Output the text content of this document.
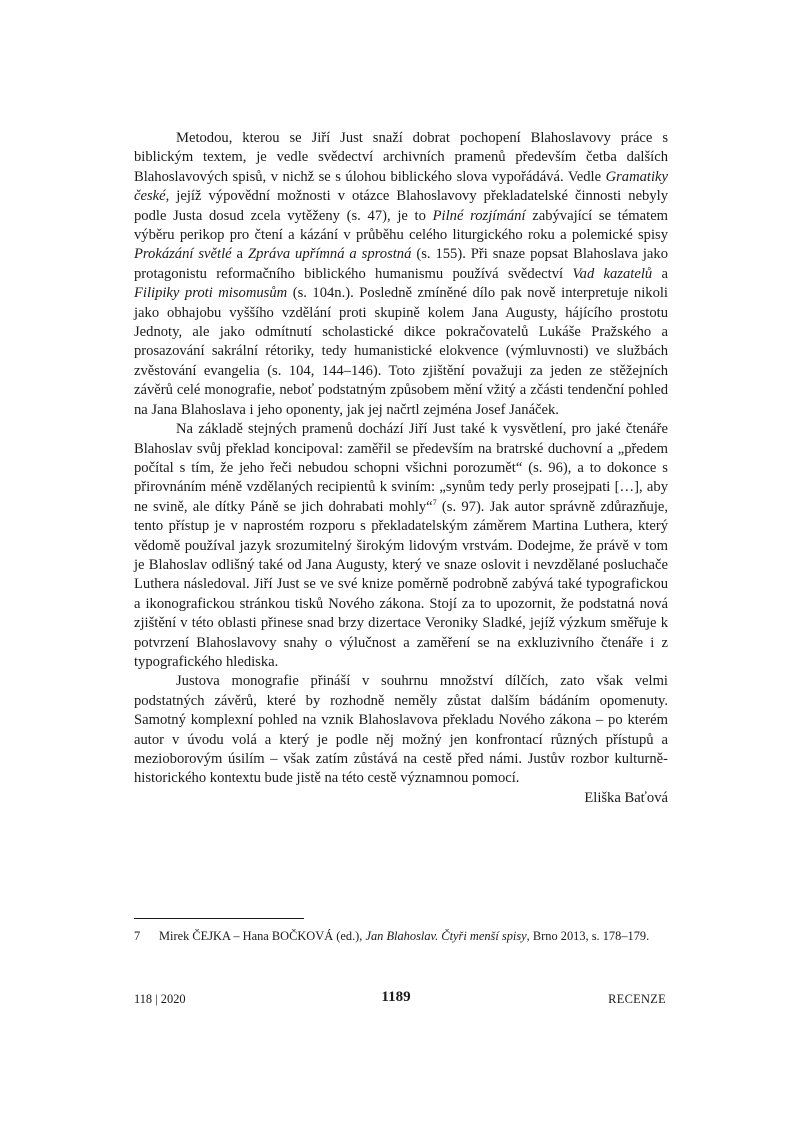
Metodou, kterou se Jiří Just snaží dobrat pochopení Blahoslavovy práce s biblickým textem, je vedle svědectví archivních pramenů především četba dalších Blahoslavových spisů, v nichž se s úlohou biblického slova vypořádává. Vedle Gramatiky české, jejíž výpovědní možnosti v otázce Blahoslavovy překladatelské činnosti nebyly podle Justa dosud zcela vytěženy (s. 47), je to Pilné rozjímání zabývající se tématem výběru perikop pro čtení a kázání v průběhu celého liturgického roku a polemické spisy Prokázání světlé a Zpráva upřímná a sprostná (s. 155). Při snaze popsat Blahoslava jako protagonistu reformačního biblického humanismu používá svědectví Vad kazatelů a Filipiky proti misomusům (s. 104n.). Posledně zmíněné dílo pak nově interpretuje nikoli jako obhajobu vyššího vzdělání proti skupině kolem Jana Augusty, hájícího prostotu Jednoty, ale jako odmítnutí scholastické dikce pokračovatelů Lukáše Pražského a prosazování sakrální rétoriky, tedy humanistické elokvence (výmluvnosti) ve službách zvěstování evangelia (s. 104, 144–146). Toto zjištění považuji za jeden ze stěžejních závěrů celé monografie, neboť podstatným způsobem mění vžitý a zčásti tendenční pohled na Jana Blahoslava i jeho oponenty, jak jej načrtl zejména Josef Janáček.

Na základě stejných pramenů dochází Jiří Just také k vysvětlení, pro jaké čtenáře Blahoslav svůj překlad koncipoval: zaměřil se především na bratrské duchovní a „předem počítal s tím, že jeho řeči nebudou schopni všichni porozumět“ (s. 96), a to dokonce s přirovnáním méně vzdělaných recipientů k sviním: „synům tedy perly prosejpati […], aby ne svině, ale dítky Páně se jich dohrabati mohly“$^7$ (s. 97). Jak autor správně zdůrazňuje, tento přístup je v naprostém rozporu s překladatelským záměrem Martina Luthera, který vědomě používal jazyk srozumitelný širokým lidovým vrstvám. Dodejme, že právě v tom je Blahoslav odlišný také od Jana Augusty, který ve snaze oslovit i nevzdělané posluchače Luthera následoval. Jiří Just se ve své knize poměrně podrobně zabývá také typografickou a ikonografickou stránkou tisků Nového zákona. Stojí za to upozornit, že podstatná nová zjištění v této oblasti přinese snad brzy dizertace Veroniky Sladké, jejíž výzkum směřuje k potvrzení Blahoslavovy snahy o výlučnost a zaměření se na exkluzivního čtenáře i z typografického hlediska.

Justova monografie přináší v souhrnu množství dílčích, zato však velmi podstatných závěrů, které by rozhodně neměly zůstat dalším bádáním opomenuty. Samotný komplexní pohled na vznik Blahoslavova překladu Nového zákona – po kterém autor v úvodu volá a který je podle něj možný jen konfrontací různých přístupů a mezioborovým úsilím – však zatím zůstává na cestě před námi. Justův rozbor kulturně-historického kontextu bude jistě na této cestě významnou pomocí.

Eliška Baťová

7 Mirek ČEJKA – Hana BOČKOVÁ (ed.), Jan Blahoslav. Čtyři menší spisy, Brno 2013, s. 178–179.
118 | 2020	1189	RECENZE
